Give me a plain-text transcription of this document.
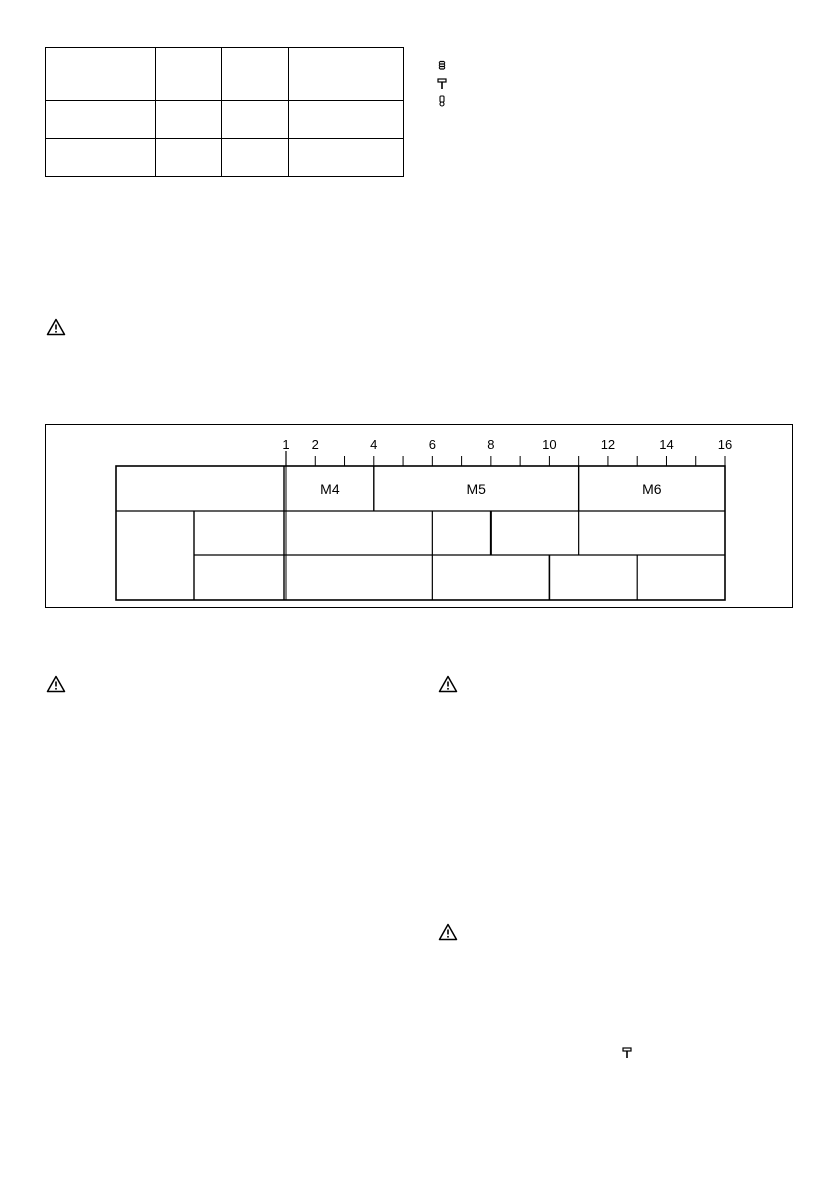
1 2	4	6	8	10	12	14	16
M4	M5	M6
